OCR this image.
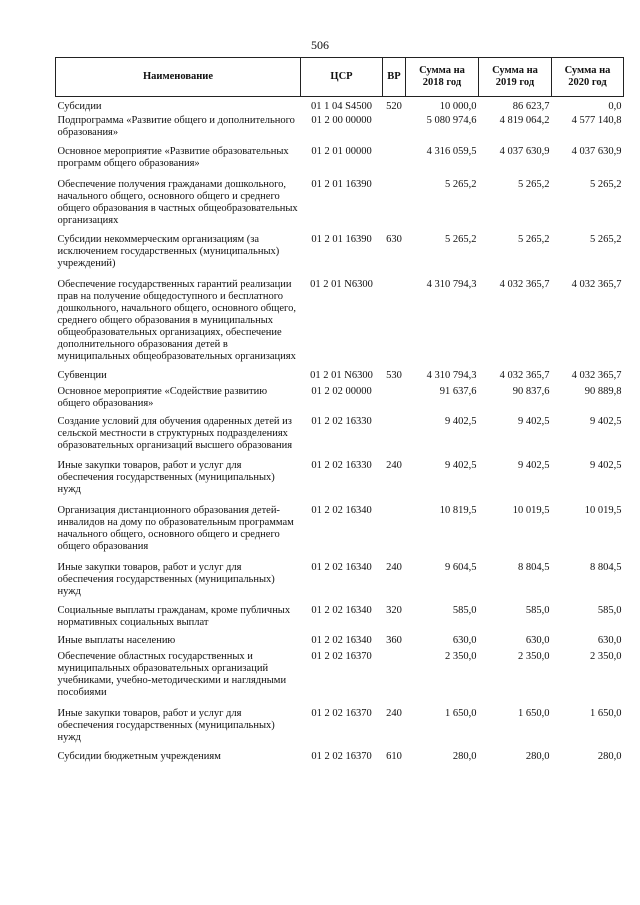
506
Наименование	ЦСР	ВР	Сумма на 2018 год	Сумма на 2019 год	Сумма на 2020 год
Субсидии	01 1 04 S4500	520	10 000,0	86 623,7	0,0
Подпрограмма «Развитие общего и дополнительного образования»	01 2 00 00000		5 080 974,6	4 819 064,2	4 577 140,8
Основное мероприятие «Развитие образовательных программ общего образования»	01 2 01 00000		4 316 059,5	4 037 630,9	4 037 630,9
Обеспечение получения гражданами дошкольного, начального общего, основного общего и среднего общего образования в частных общеобразовательных организациях	01 2 01 16390		5 265,2	5 265,2	5 265,2
Субсидии некоммерческим организациям (за исключением государственных (муниципальных) учреждений)	01 2 01 16390	630	5 265,2	5 265,2	5 265,2
Обеспечение государственных гарантий реализации прав на получение общедоступного и бесплатного дошкольного, начального общего, основного общего, среднего общего образования в муниципальных общеобразовательных организациях, обеспечение дополнительного образования детей в муниципальных общеобразовательных организациях	01 2 01 N6300		4 310 794,3	4 032 365,7	4 032 365,7
Субвенции	01 2 01 N6300	530	4 310 794,3	4 032 365,7	4 032 365,7
Основное мероприятие «Содействие развитию общего образования»	01 2 02 00000		91 637,6	90 837,6	90 889,8
Создание условий для обучения одаренных детей из сельской местности в структурных подразделениях образовательных организаций высшего образования	01 2 02 16330		9 402,5	9 402,5	9 402,5
Иные закупки товаров, работ и услуг для обеспечения государственных (муниципальных) нужд	01 2 02 16330	240	9 402,5	9 402,5	9 402,5
Организация дистанционного образования детей-инвалидов на дому по образовательным программам начального общего, основного общего и среднего общего образования	01 2 02 16340		10 819,5	10 019,5	10 019,5
Иные закупки товаров, работ и услуг для обеспечения государственных (муниципальных) нужд	01 2 02 16340	240	9 604,5	8 804,5	8 804,5
Социальные выплаты гражданам, кроме публичных нормативных социальных выплат	01 2 02 16340	320	585,0	585,0	585,0
Иные выплаты населению	01 2 02 16340	360	630,0	630,0	630,0
Обеспечение областных государственных и муниципальных образовательных организаций учебниками, учебно-методическими и наглядными пособиями	01 2 02 16370		2 350,0	2 350,0	2 350,0
Иные закупки товаров, работ и услуг для обеспечения государственных (муниципальных) нужд	01 2 02 16370	240	1 650,0	1 650,0	1 650,0
Субсидии бюджетным учреждениям	01 2 02 16370	610	280,0	280,0	280,0
